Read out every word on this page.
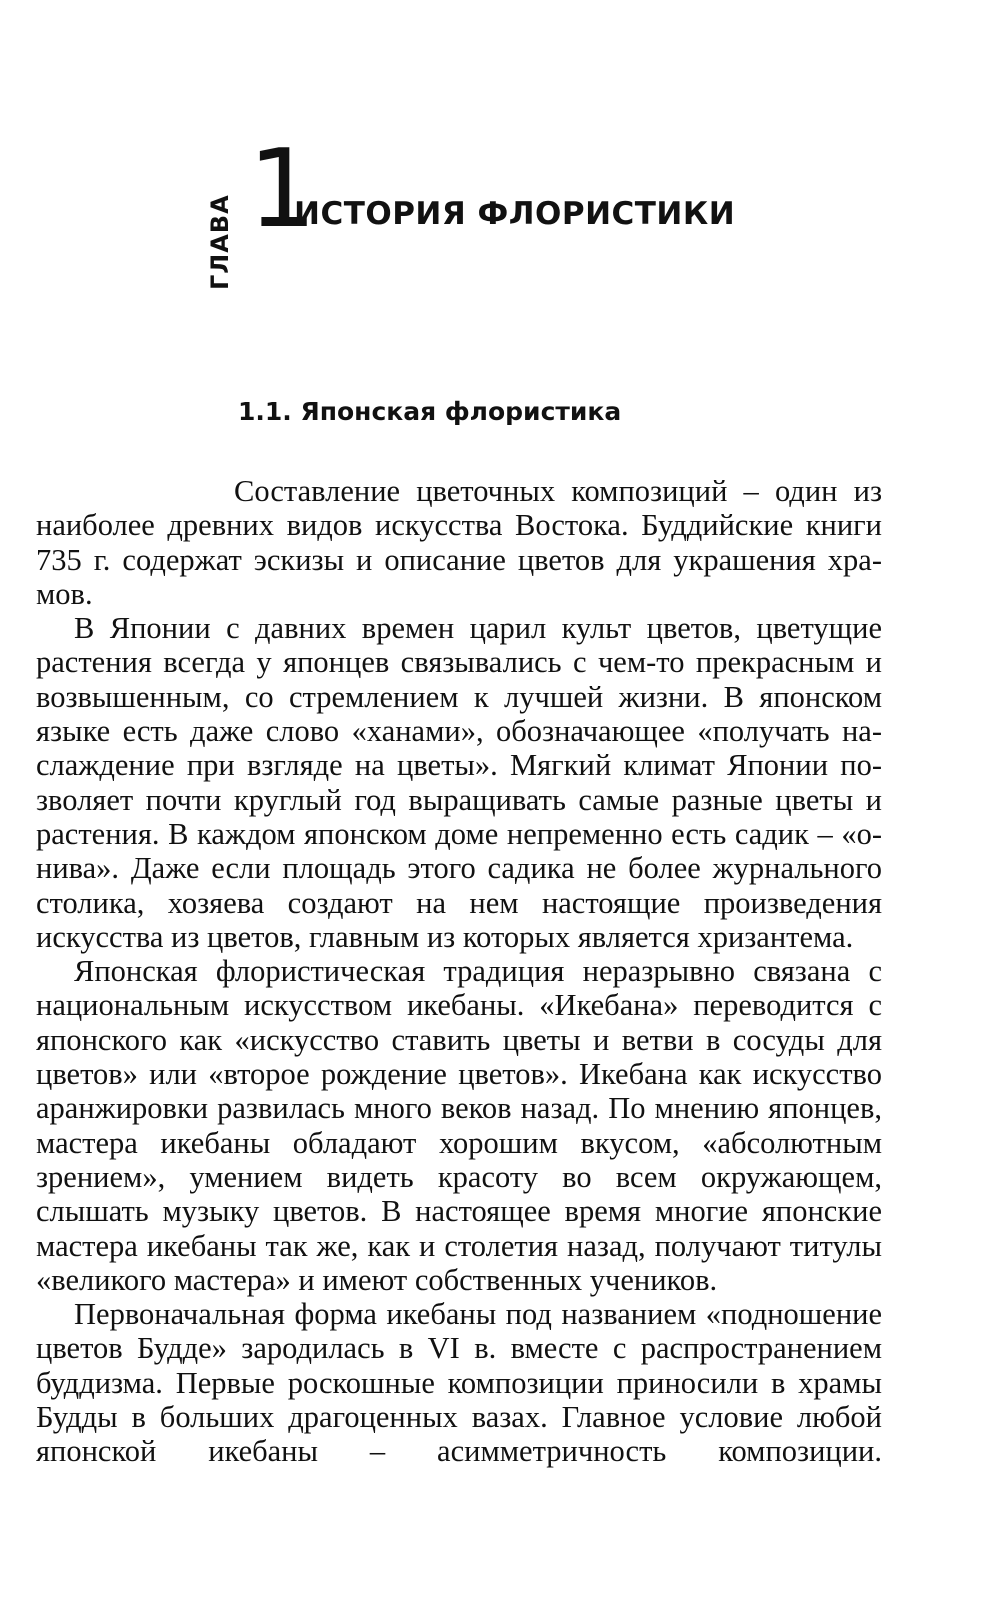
ГЛАВА 1
ИСТОРИЯ ФЛОРИСТИКИ
1.1. Японская флористика

Составление цветочных композиций – один из наиболее древних видов искусства Востока. Буддийские книги 735 г. содержат эскизы и описание цветов для украшения храмов.

В Японии с давних времен царил культ цветов, цветущие растения всегда у японцев связывались с чем-то прекрасным и возвышенным, со стремлением к лучшей жизни. В японском языке есть даже слово «ханами», обозначающее «получать наслаждение при взгляде на цветы». Мягкий климат Японии позволяет почти круглый год выращивать самые разные цветы и растения. В каждом японском доме непременно есть садик – «о-нива». Даже если площадь этого садика не более журнального столика, хозяева создают на нем настоящие произведения искусства из цветов, главным из которых является хризантема.

Японская флористическая традиция неразрывно связана с национальным искусством икебаны. «Икебана» переводится с японского как «искусство ставить цветы и ветви в сосуды для цветов» или «второе рождение цветов». Икебана как искусство аранжировки развилась много веков назад. По мнению японцев, мастера икебаны обладают хорошим вкусом, «абсолютным зрением», умением видеть красоту во всем окружающем, слышать музыку цветов. В настоящее время многие японские мастера икебаны так же, как и столетия назад, получают титулы «великого мастера» и имеют собственных учеников.

Первоначальная форма икебаны под названием «подношение цветов Будде» зародилась в VI в. вместе с распространением буддизма. Первые роскошные композиции приносили в храмы Будды в больших драгоценных вазах. Главное условие любой японской икебаны – асимметричность композиции.
